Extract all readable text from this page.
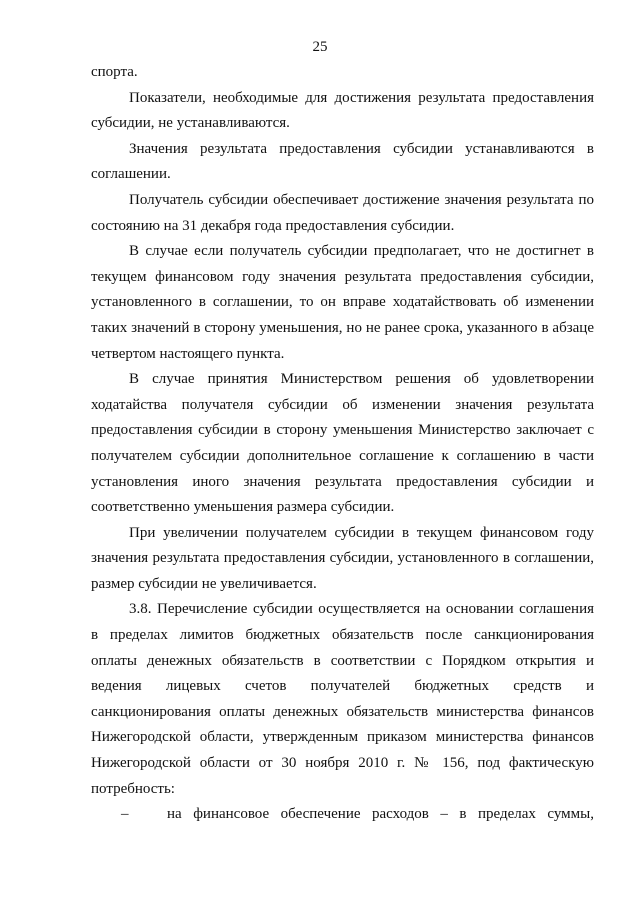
25

спорта.

Показатели, необходимые для достижения результата предоставления субсидии, не устанавливаются.

Значения результата предоставления субсидии устанавливаются в соглашении.

Получатель субсидии обеспечивает достижение значения результата по состоянию на 31 декабря года предоставления субсидии.

В случае если получатель субсидии предполагает, что не достигнет в текущем финансовом году значения результата предоставления субсидии, установленного в соглашении, то он вправе ходатайствовать об изменении таких значений в сторону уменьшения, но не ранее срока, указанного в абзаце четвертом настоящего пункта.

В случае принятия Министерством решения об удовлетворении ходатайства получателя субсидии об изменении значения результата предоставления субсидии в сторону уменьшения Министерство заключает с получателем субсидии дополнительное соглашение к соглашению в части установления иного значения результата предоставления субсидии и соответственно уменьшения размера субсидии.

При увеличении получателем субсидии в текущем финансовом году значения результата предоставления субсидии, установленного в соглашении, размер субсидии не увеличивается.

3.8. Перечисление субсидии осуществляется на основании соглашения в пределах лимитов бюджетных обязательств после санкционирования оплаты денежных обязательств в соответствии с Порядком открытия и ведения лицевых счетов получателей бюджетных средств и санкционирования оплаты денежных обязательств министерства финансов Нижегородской области, утвержденным приказом министерства финансов Нижегородской области от 30 ноября 2010 г. № 156, под фактическую потребность:

–	на финансовое обеспечение расходов – в пределах суммы,
